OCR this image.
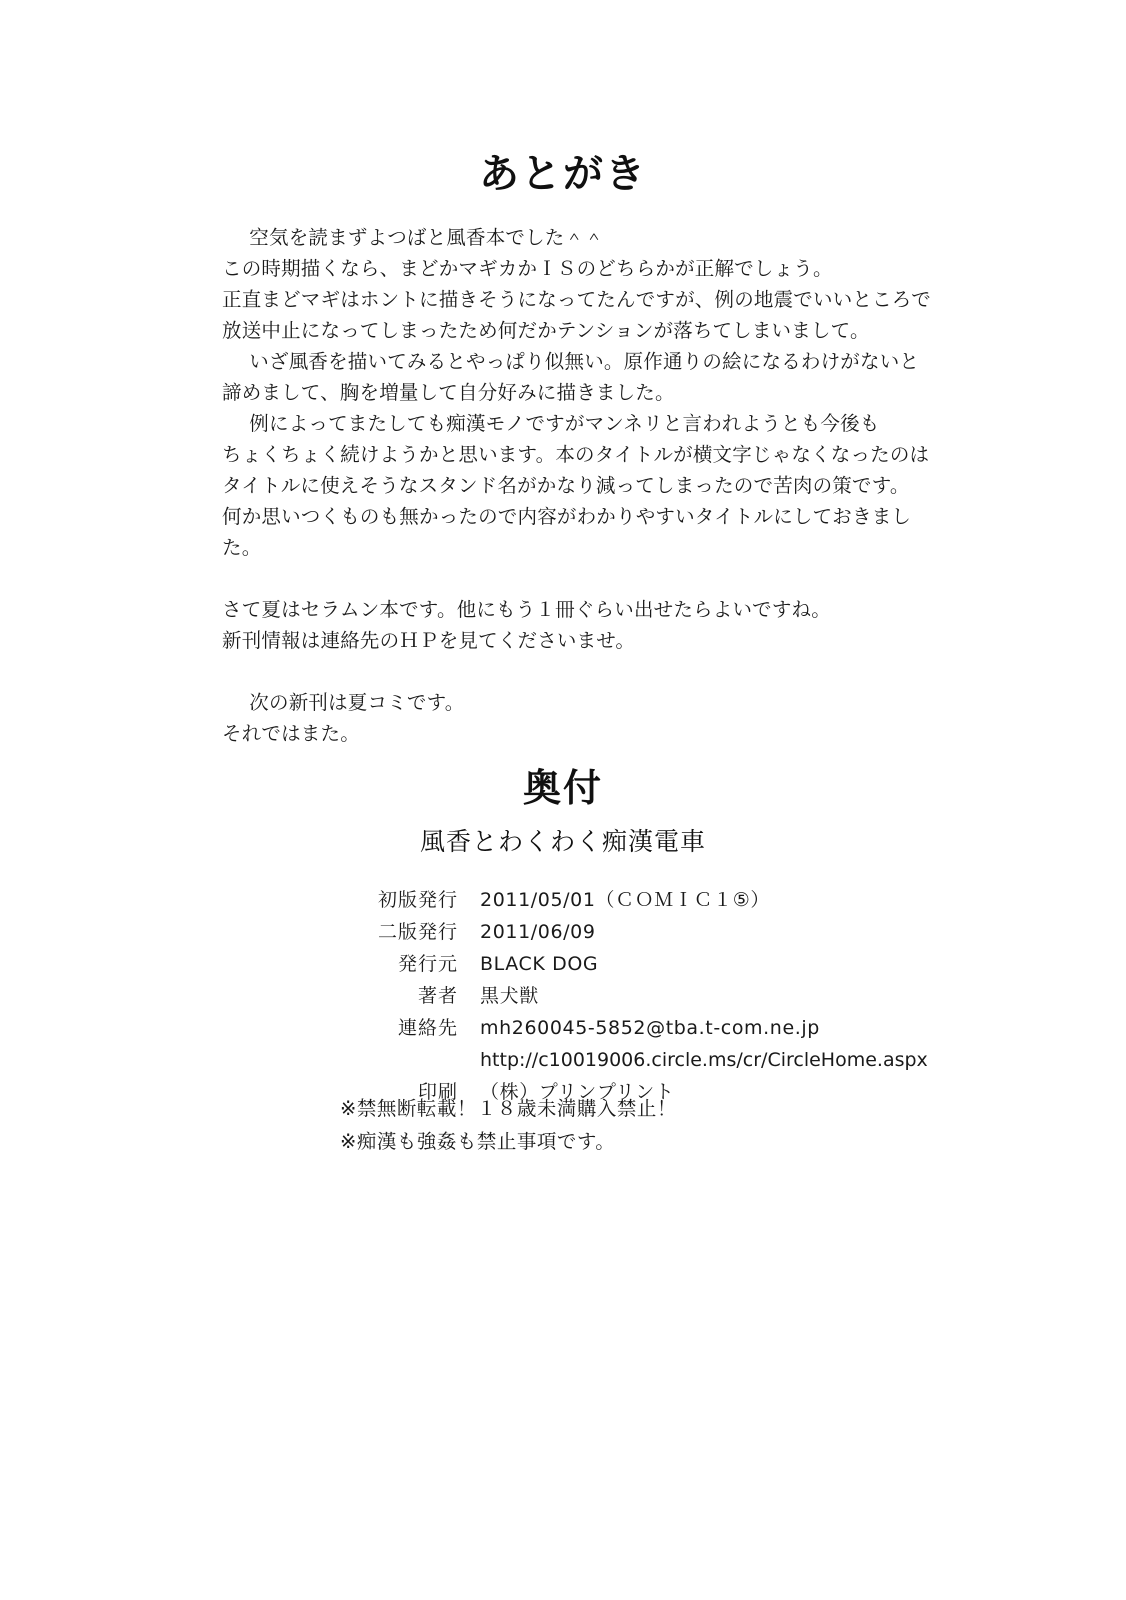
あとがき

空気を読まずよつばと風香本でした＾＾

この時期描くなら、まどかマギカかＩＳのどちらかが正解でしょう。

正直まどマギはホントに描きそうになってたんですが、例の地震でいいところで

放送中止になってしまったため何だかテンションが落ちてしまいまして。

いざ風香を描いてみるとやっぱり似無い。原作通りの絵になるわけがないと

諦めまして、胸を増量して自分好みに描きました。

例によってまたしても痴漢モノですがマンネリと言われようとも今後も

ちょくちょく続けようかと思います。本のタイトルが横文字じゃなくなったのは

タイトルに使えそうなスタンド名がかなり減ってしまったので苦肉の策です。

何か思いつくものも無かったので内容がわかりやすいタイトルにしておきました。

さて夏はセラムン本です。他にもう１冊ぐらい出せたらよいですね。

新刊情報は連絡先のＨＰを見てくださいませ。

次の新刊は夏コミです。

それではまた。

奥付
風香とわくわく痴漢電車
初版発行	2011/05/01（ＣＯＭＩＣ１⑤）
二版発行	2011/06/09
発行元	BLACK DOG
著者	黒犬獣
連絡先	mh260045-5852@tba.t-com.ne.jp
http://c10019006.circle.ms/cr/CircleHome.aspx
印刷	（株）プリンプリント

※禁無断転載！１８歳未満購入禁止！

※痴漢も強姦も禁止事項です。
